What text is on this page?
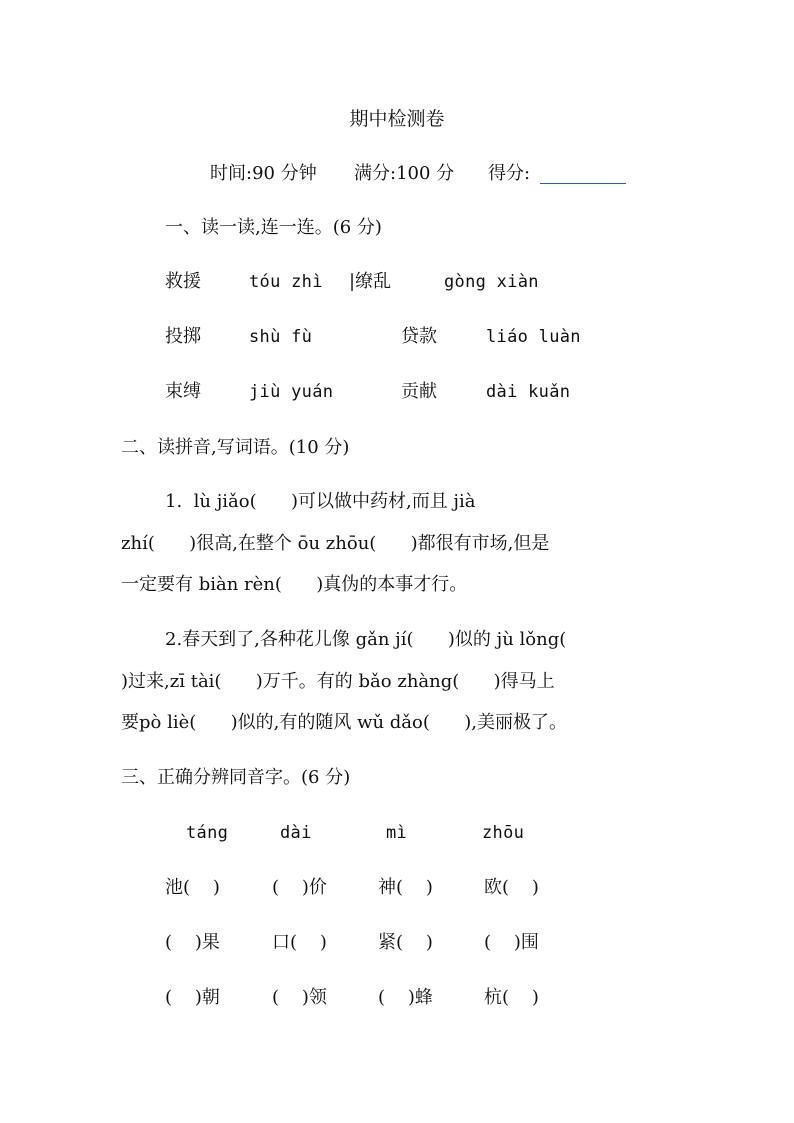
期中检测卷
时间:90 分钟 满分:100 分 得分:
一、读一读,连一连。(6 分)
救援	tóu zhì |缭乱	gòng xiàn
投掷	shù fù	贷款	liáo luàn
束缚	jiù yuán	贡献	dài kuǎn
二、读拼音,写词语。(10 分)
1.  lù jiǎo(      )可以做中药材,而且 jià
zhí(      )很高,在整个 ōu zhōu(      )都很有市场,但是
一定要有 biàn rèn(      )真伪的本事才行。
2.春天到了,各种花儿像 gǎn jí(      )似的 jù lǒng(
)过来,zī tài(      )万千。有的 bǎo zhàng(      )得马上
要pò liè(      )似的,有的随风 wǔ dǎo(      ),美丽极了。
三、正确分辨同音字。(6 分)
táng	dài	mì	zhōu
池(    )	(    )价	神(    )	欧(    )
(    )果	口(    )	紧(    )	(    )围
(    )朝	(    )领	(    )蜂	杭(    )
